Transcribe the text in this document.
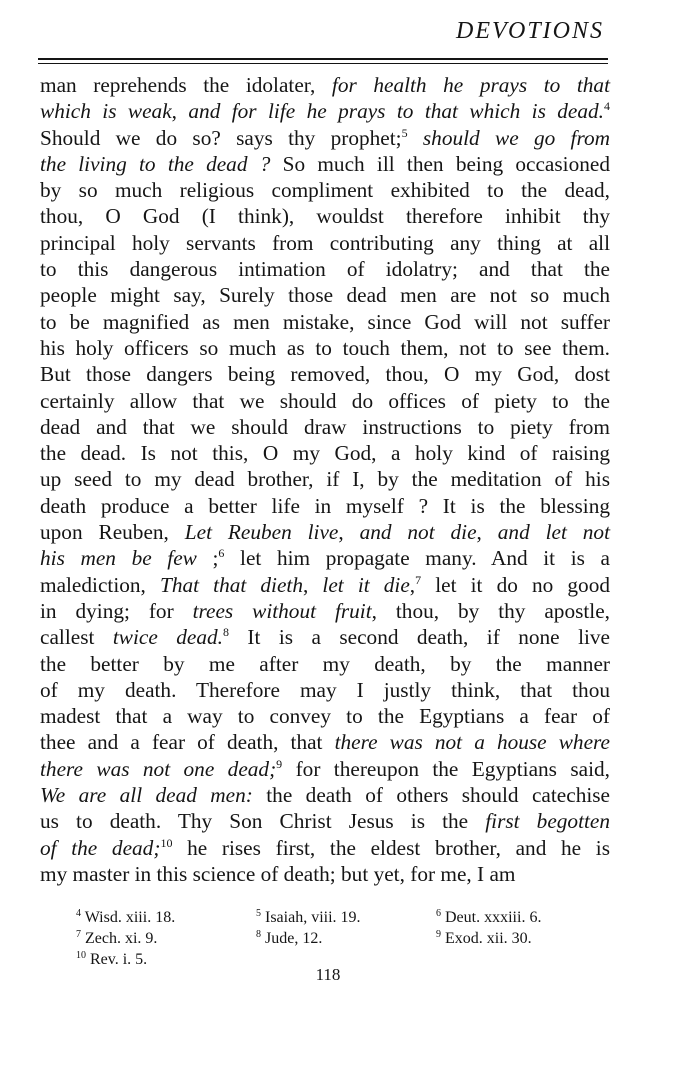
DEVOTIONS
man reprehends the idolater, for health he prays to that
which is weak, and for life he prays to that which is dead.$^4$
Should we do so? says thy prophet;$^5$ should we go from
the living to the dead ? So much ill then being occasioned
by so much religious compliment exhibited to the dead,
thou, O God (I think), wouldst therefore inhibit thy
principal holy servants from contributing any thing at all
to this dangerous intimation of idolatry; and that the
people might say, Surely those dead men are not so much
to be magnified as men mistake, since God will not suffer
his holy officers so much as to touch them, not to see them.
But those dangers being removed, thou, O my God, dost
certainly allow that we should do offices of piety to the
dead and that we should draw instructions to piety from
the dead. Is not this, O my God, a holy kind of raising
up seed to my dead brother, if I, by the meditation of his
death produce a better life in myself ? It is the blessing
upon Reuben, Let Reuben live, and not die, and let not
his men be few ;$^6$ let him propagate many. And it is a
malediction, That that dieth, let it die,$^7$ let it do no good
in dying; for trees without fruit, thou, by thy apostle,
callest twice dead.$^8$ It is a second death, if none live
the better by me after my death, by the manner
of my death. Therefore may I justly think, that thou
madest that a way to convey to the Egyptians a fear of
thee and a fear of death, that there was not a house where
there was not one dead;$^9$ for thereupon the Egyptians said,
We are all dead men: the death of others should catechise
us to death. Thy Son Christ Jesus is the first begotten
of the dead;$^{10}$ he rises first, the eldest brother, and he is
my master in this science of death; but yet, for me, I am
$^4$ Wisd. xiii. 18.	$^5$ Isaiah, viii. 19.	$^6$ Deut. xxxiii. 6.
$^7$ Zech. xi. 9.	$^8$ Jude, 12.	$^9$ Exod. xii. 30.
$^{10}$ Rev. i. 5.
118
